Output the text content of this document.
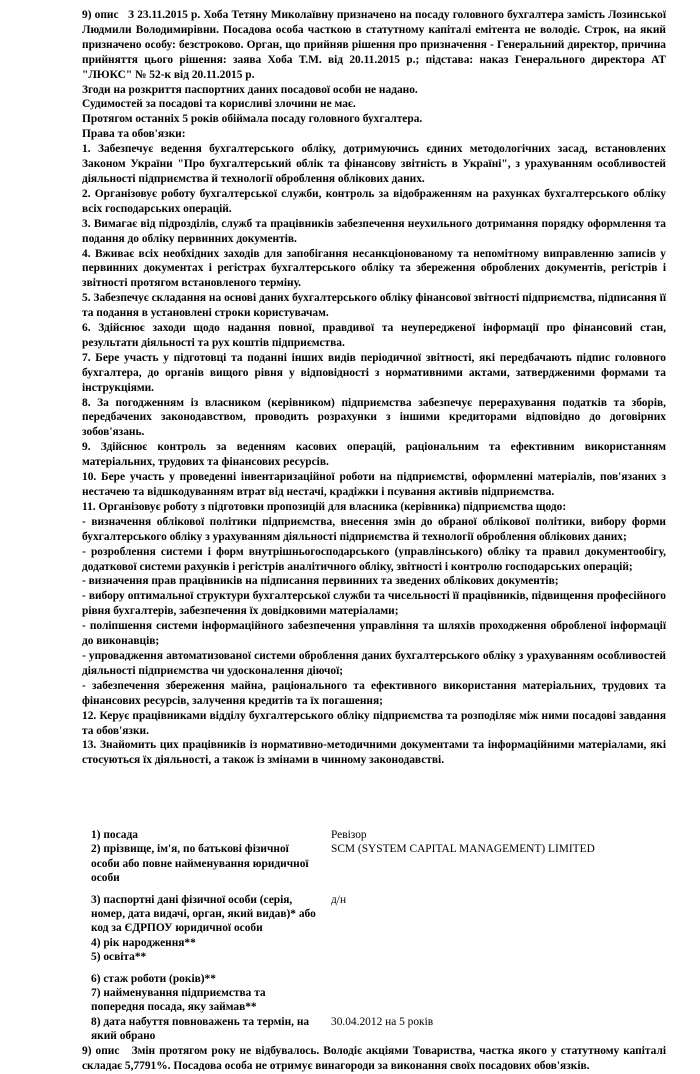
9) опис З 23.11.2015 р. Хоба Тетяну Миколаївну призначено на посаду головного бухгалтера замість Лозинської Людмили Володимирівни. Посадова особа часткою в статутному капіталі емітента не володіє. Строк, на який призначено особу: безстроково. Орган, що прийняв рішення про призначення - Генеральний директор, причина прийняття цього рішення: заява Хоба Т.М. від 20.11.2015 р.; підстава: наказ Генерального директора АТ "ЛЮКС" № 52-к від 20.11.2015 р.

Згоди на розкриття паспортних даних посадової особи не надано.

Судимостей за посадові та корисливі злочини не має.

Протягом останніх 5 років обіймала посаду головного бухгалтера.

Права та обов'язки:

1. Забезпечує ведення бухгалтерського обліку, дотримуючись єдиних методологічних засад, встановлених Законом України "Про бухгалтерський облік та фінансову звітність в Україні", з урахуванням особливостей діяльності підприємства й технології оброблення облікових даних.

2. Організовує роботу бухгалтерської служби, контроль за відображенням на рахунках бухгалтерського обліку всіх господарських операцій.

3. Вимагає від підрозділів, служб та працівників забезпечення неухильного дотримання порядку оформлення та подання до обліку первинних документів.

4. Вживає всіх необхідних заходів для запобігання несанкціонованому та непомітному виправленню записів у первинних документах і регістрах бухгалтерського обліку та збереження оброблених документів, регістрів і звітності протягом встановленого терміну.

5. Забезпечує складання на основі даних бухгалтерського обліку фінансової звітності підприємства, підписання її та подання в установлені строки користувачам.

6. Здійснює заходи щодо надання повної, правдивої та неупередженої інформації про фінансовий стан, результати діяльності та рух коштів підприємства.

7. Бере участь у підготовці та поданні інших видів періодичної звітності, які передбачають підпис головного бухгалтера, до органів вищого рівня у відповідності з нормативними актами, затвердженими формами та інструкціями.

8. За погодженням із власником (керівником) підприємства забезпечує перерахування податків та зборів, передбачених законодавством, проводить розрахунки з іншими кредиторами відповідно до договірних зобов'язань.

9. Здійснює контроль за веденням касових операцій, раціональним та ефективним використанням матеріальних, трудових та фінансових ресурсів.

10. Бере участь у проведенні інвентаризаційної роботи на підприємстві, оформленні матеріалів, пов'язаних з нестачею та відшкодуванням втрат від нестачі, крадіжки і псування активів підприємства.

11. Організовує роботу з підготовки пропозицій для власника (керівника) підприємства щодо:

- визначення облікової політики підприємства, внесення змін до обраної облікової політики, вибору форми бухгалтерського обліку з урахуванням діяльності підприємства й технології оброблення облікових даних;

- розроблення системи і форм внутрішньогосподарського (управлінського) обліку та правил документообігу, додаткової системи рахунків і регістрів аналітичного обліку, звітності і контролю господарських операцій;

- визначення прав працівників на підписання первинних та зведених облікових документів;

- вибору оптимальної структури бухгалтерської служби та чисельності її працівників, підвищення професійного рівня бухгалтерів, забезпечення їх довідковими матеріалами;

- поліпшення системи інформаційного забезпечення управління та шляхів проходження обробленої інформації до виконавців;

- упровадження автоматизованої системи оброблення даних бухгалтерського обліку з урахуванням особливостей діяльності підприємства чи удосконалення діючої;

- забезпечення збереження майна, раціонального та ефективного використання матеріальних, трудових та фінансових ресурсів, залучення кредитів та їх погашення;

12. Керує працівниками відділу бухгалтерського обліку підприємства та розподіляє між ними посадові завдання та обов'язки.

13. Знайомить цих працівників із нормативно-методичними документами та інформаційними матеріалами, які стосуються їх діяльності, а також із змінами в чинному законодавстві.

1) посада	Ревізор
2) прізвище, ім'я, по батькові фізичної особи або повне найменування юридичної особи	SCM (SYSTEM CAPITAL MANAGEMENT) LIMITED
3) паспортні дані фізичної особи (серія, номер, дата видачі, орган, який видав)* або код за ЄДРПОУ юридичної особи	д/н
4) рік народження**	
5) освіта**	
6) стаж роботи (років)**	
7) найменування підприємства та попередня посада, яку займав**	
8) дата набуття повноважень та термін, на який обрано	30.04.2012 на 5 років

9) опис Змін протягом року не відбувалось. Володіє акціями Товариства, частка якого у статутному капіталі складає 5,7791%. Посадова особа не отримує винагороди за виконання своїх посадових обов'язків.
